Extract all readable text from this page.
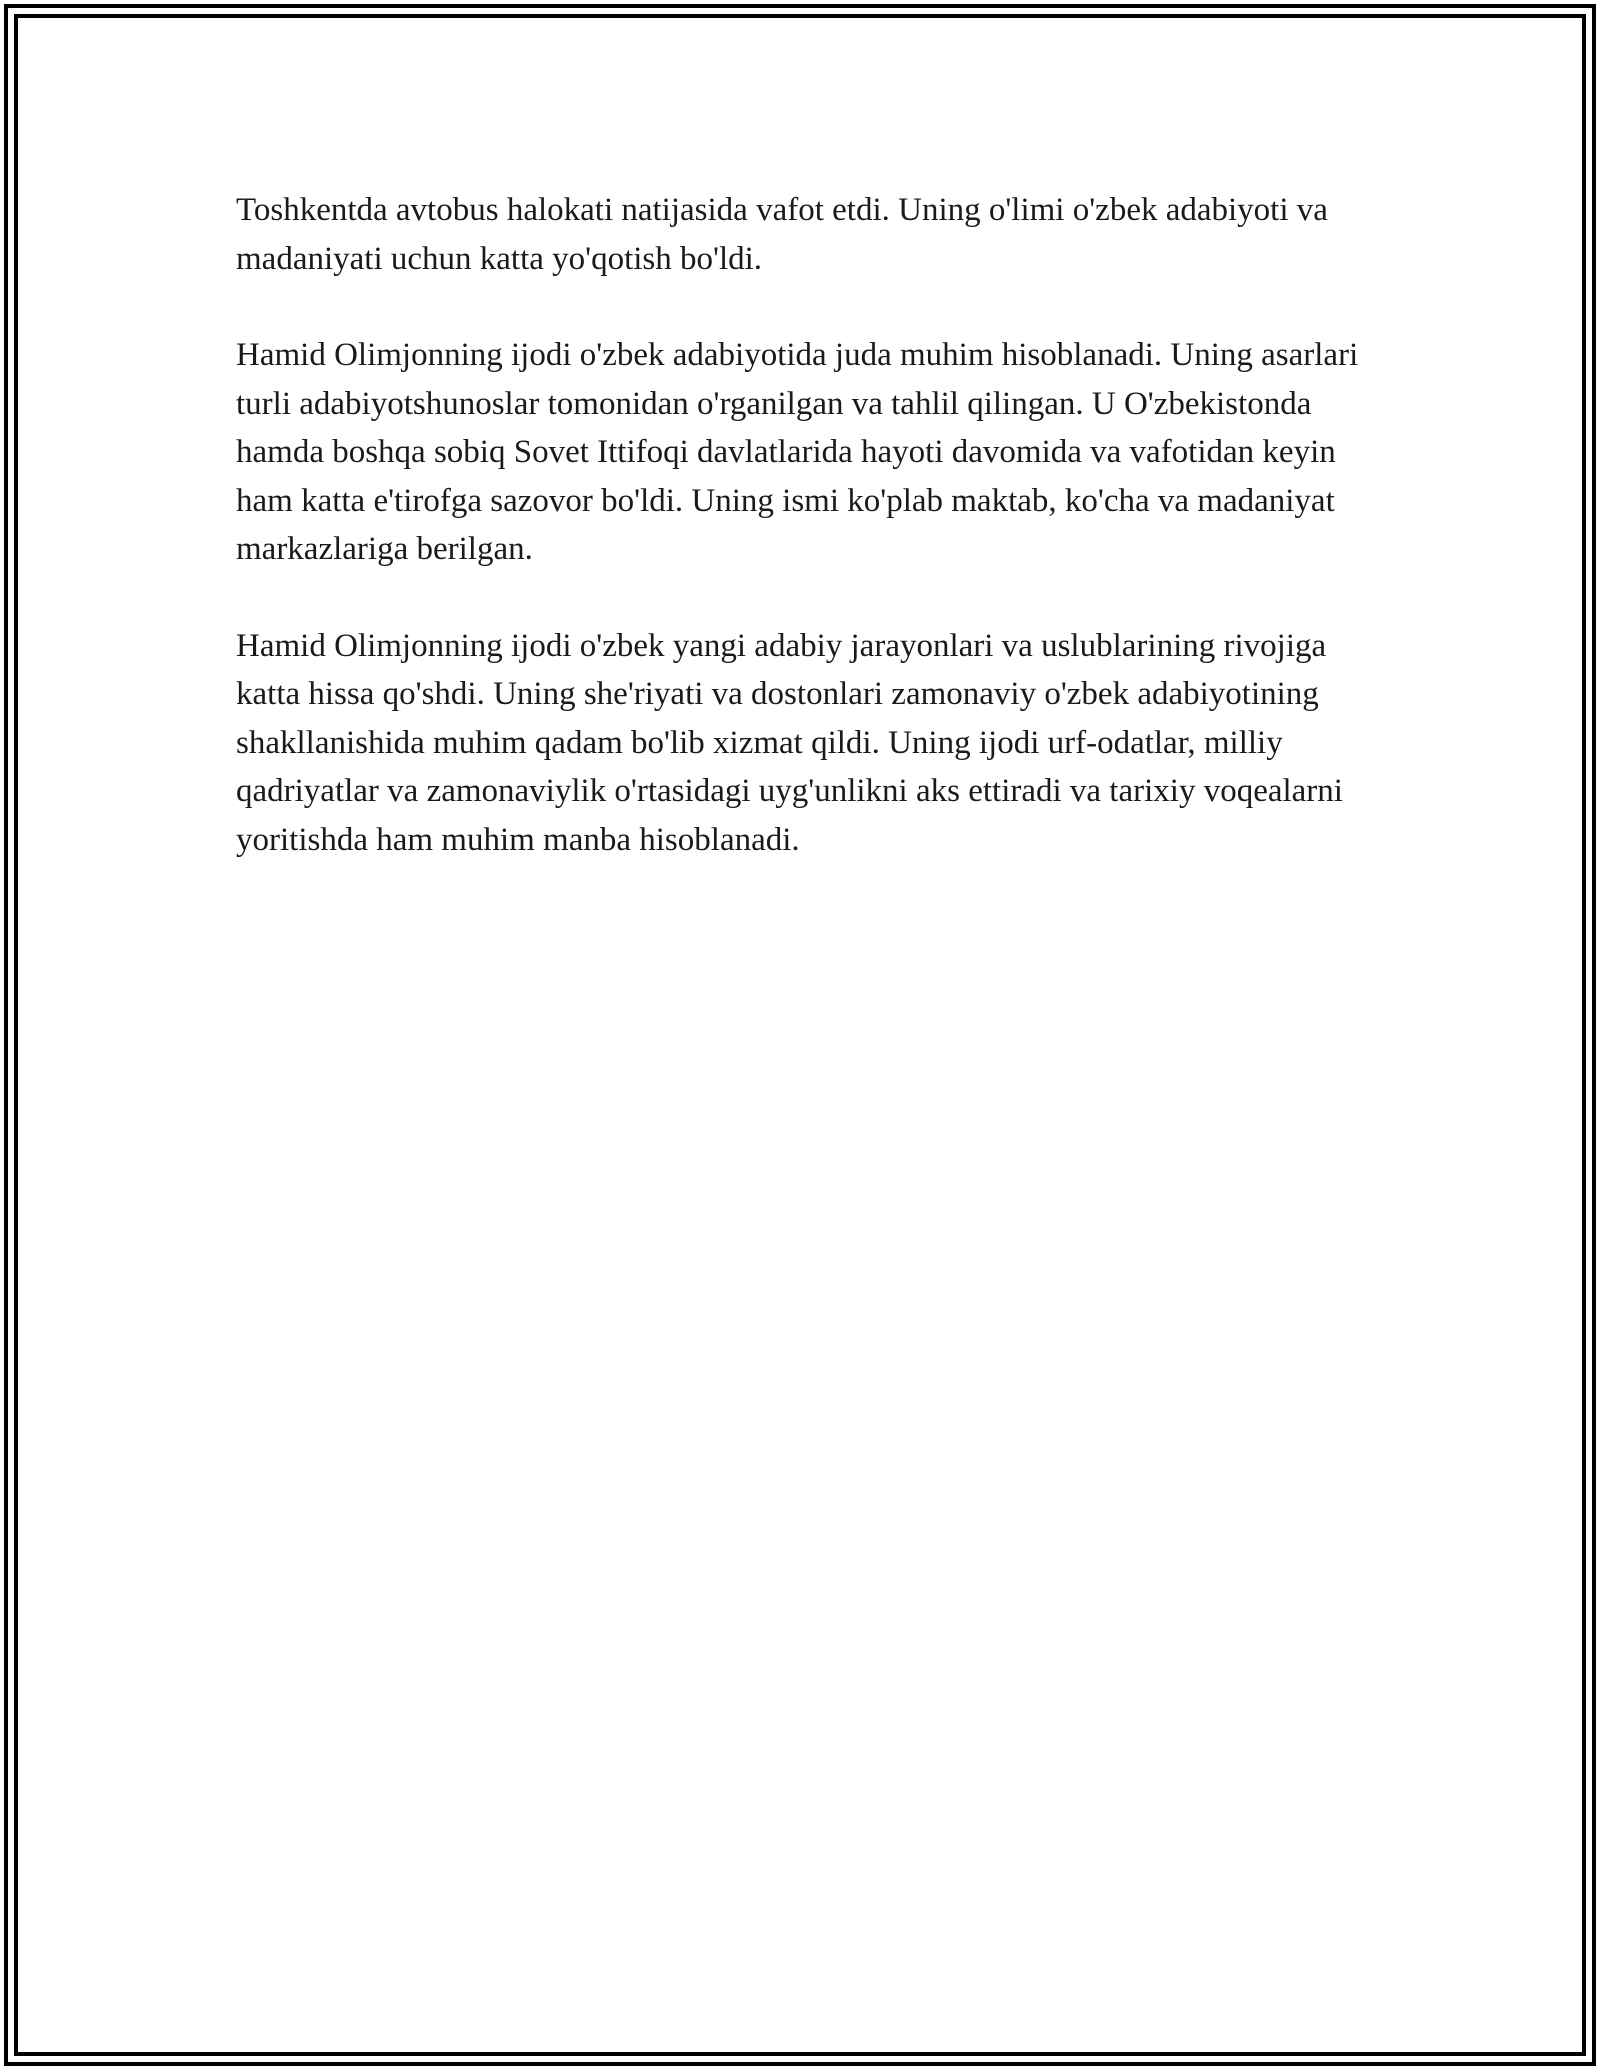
Toshkentda avtobus halokati natijasida vafot etdi. Uning o'limi o'zbek adabiyoti va madaniyati uchun katta yo'qotish bo'ldi.

Hamid Olimjonning ijodi o'zbek adabiyotida juda muhim hisoblanadi. Uning asarlari turli adabiyotshunoslar tomonidan o'rganilgan va tahlil qilingan. U O'zbekistonda hamda boshqa sobiq Sovet Ittifoqi davlatlarida hayoti davomida va vafotidan keyin ham katta e'tirofga sazovor bo'ldi. Uning ismi ko'plab maktab, ko'cha va madaniyat markazlariga berilgan.

Hamid Olimjonning ijodi o'zbek yangi adabiy jarayonlari va uslublarining rivojiga katta hissa qo'shdi. Uning she'riyati va dostonlari zamonaviy o'zbek adabiyotining shakllanishida muhim qadam bo'lib xizmat qildi. Uning ijodi urf-odatlar, milliy qadriyatlar va zamonaviylik o'rtasidagi uyg'unlikni aks ettiradi va tarixiy voqealarni yoritishda ham muhim manba hisoblanadi.
